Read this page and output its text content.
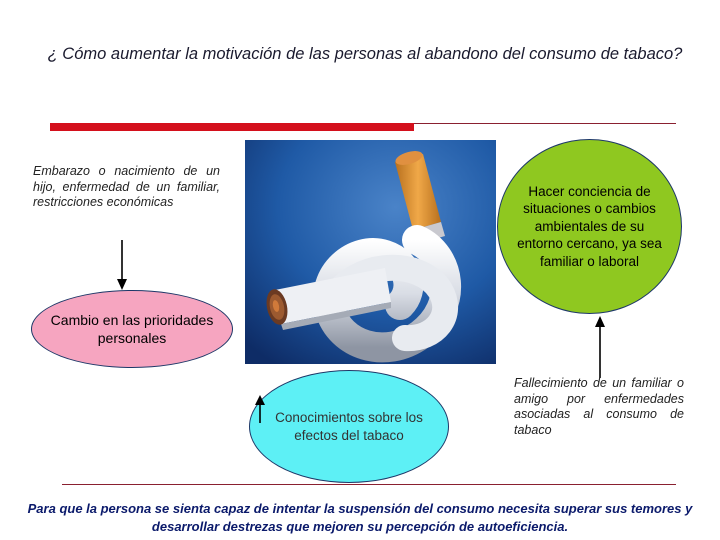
¿ Cómo aumentar la motivación de las personas al abandono del consumo de tabaco?
Embarazo o nacimiento de un hijo, enfermedad de un familiar, restricciones económicas
Cambio en las prioridades personales
Hacer conciencia de situaciones o cambios ambientales de su entorno cercano, ya sea familiar o laboral
Conocimientos sobre los efectos del tabaco
Fallecimiento de un familiar o amigo por enfermedades asociadas al consumo de tabaco
Para que la persona se sienta capaz de intentar la suspensión del consumo necesita superar sus temores y desarrollar destrezas que mejoren su percepción de autoeficiencia.
